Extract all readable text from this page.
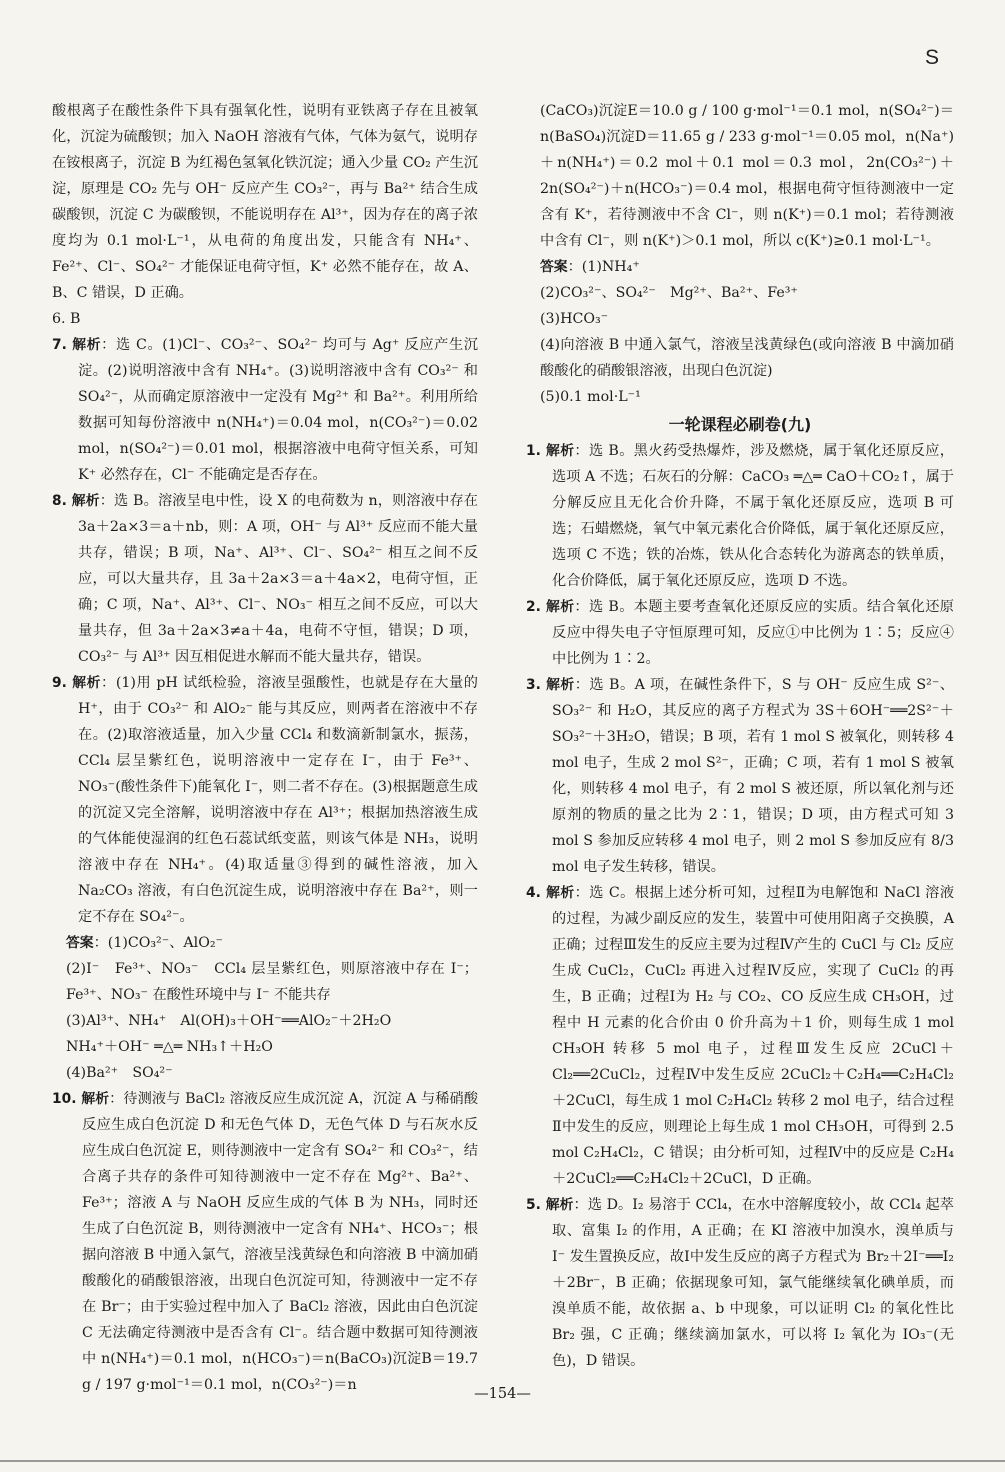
S

酸根离子在酸性条件下具有强氧化性，说明有亚铁离子存在且被氧化，沉淀为硫酸钡；加入 NaOH 溶液有气体，气体为氨气，说明存在铵根离子，沉淀 B 为红褐色氢氧化铁沉淀；通入少量 CO₂ 产生沉淀，原理是 CO₂ 先与 OH⁻ 反应产生 CO₃²⁻，再与 Ba²⁺ 结合生成碳酸钡，沉淀 C 为碳酸钡，不能说明存在 Al³⁺，因为存在的离子浓度均为 0.1 mol·L⁻¹，从电荷的角度出发，只能含有 NH₄⁺、Fe²⁺、Cl⁻、SO₄²⁻ 才能保证电荷守恒，K⁺ 必然不能存在，故 A、B、C 错误，D 正确。

6. B

7. 解析：选 C。(1)Cl⁻、CO₃²⁻、SO₄²⁻ 均可与 Ag⁺ 反应产生沉淀。(2)说明溶液中含有 NH₄⁺。(3)说明溶液中含有 CO₃²⁻ 和 SO₄²⁻，从而确定原溶液中一定没有 Mg²⁺ 和 Ba²⁺。利用所给数据可知每份溶液中 n(NH₄⁺)＝0.04 mol，n(CO₃²⁻)＝0.02 mol，n(SO₄²⁻)＝0.01 mol，根据溶液中电荷守恒关系，可知 K⁺ 必然存在，Cl⁻ 不能确定是否存在。

8. 解析：选 B。溶液呈电中性，设 X 的电荷数为 n，则溶液中存在 3a＋2a×3＝a＋nb，则：A 项，OH⁻ 与 Al³⁺ 反应而不能大量共存，错误；B 项，Na⁺、Al³⁺、Cl⁻、SO₄²⁻ 相互之间不反应，可以大量共存，且 3a＋2a×3＝a＋4a×2，电荷守恒，正确；C 项，Na⁺、Al³⁺、Cl⁻、NO₃⁻ 相互之间不反应，可以大量共存，但 3a＋2a×3≠a＋4a，电荷不守恒，错误；D 项，CO₃²⁻ 与 Al³⁺ 因互相促进水解而不能大量共存，错误。

9. 解析：(1)用 pH 试纸检验，溶液呈强酸性，也就是存在大量的 H⁺，由于 CO₃²⁻ 和 AlO₂⁻ 能与其反应，则两者在溶液中不存在。(2)取溶液适量，加入少量 CCl₄ 和数滴新制氯水，振荡，CCl₄ 层呈紫红色，说明溶液中一定存在 I⁻，由于 Fe³⁺、NO₃⁻(酸性条件下)能氧化 I⁻，则二者不存在。(3)根据题意生成的沉淀又完全溶解，说明溶液中存在 Al³⁺；根据加热溶液生成的气体能使湿润的红色石蕊试纸变蓝，则该气体是 NH₃，说明溶液中存在 NH₄⁺。(4)取适量③得到的碱性溶液，加入 Na₂CO₃ 溶液，有白色沉淀生成，说明溶液中存在 Ba²⁺，则一定不存在 SO₄²⁻。

答案：(1)CO₃²⁻、AlO₂⁻

(2)I⁻　Fe³⁺、NO₃⁻　CCl₄ 层呈紫红色，则原溶液中存在 I⁻；Fe³⁺、NO₃⁻ 在酸性环境中与 I⁻ 不能共存

(3)Al³⁺、NH₄⁺　Al(OH)₃＋OH⁻══AlO₂⁻＋2H₂O

NH₄⁺＋OH⁻ ═△═ NH₃↑＋H₂O

(4)Ba²⁺　SO₄²⁻

10. 解析：待测液与 BaCl₂ 溶液反应生成沉淀 A，沉淀 A 与稀硝酸反应生成白色沉淀 D 和无色气体 D，无色气体 D 与石灰水反应生成白色沉淀 E，则待测液中一定含有 SO₄²⁻ 和 CO₃²⁻，结合离子共存的条件可知待测液中一定不存在 Mg²⁺、Ba²⁺、Fe³⁺；溶液 A 与 NaOH 反应生成的气体 B 为 NH₃，同时还生成了白色沉淀 B，则待测液中一定含有 NH₄⁺、HCO₃⁻；根据向溶液 B 中通入氯气，溶液呈浅黄绿色和向溶液 B 中滴加硝酸酸化的硝酸银溶液，出现白色沉淀可知，待测液中一定不存在 Br⁻；由于实验过程中加入了 BaCl₂ 溶液，因此由白色沉淀 C 无法确定待测液中是否含有 Cl⁻。结合题中数据可知待测液中 n(NH₄⁺)＝0.1 mol，n(HCO₃⁻)＝n(BaCO₃)沉淀B＝19.7 g / 197 g·mol⁻¹＝0.1 mol，n(CO₃²⁻)＝n

(CaCO₃)沉淀E＝10.0 g / 100 g·mol⁻¹＝0.1 mol，n(SO₄²⁻)＝n(BaSO₄)沉淀D＝11.65 g / 233 g·mol⁻¹＝0.05 mol，n(Na⁺)＋n(NH₄⁺)＝0.2 mol＋0.1 mol＝0.3 mol，2n(CO₃²⁻)＋2n(SO₄²⁻)＋n(HCO₃⁻)＝0.4 mol，根据电荷守恒待测液中一定含有 K⁺，若待测液中不含 Cl⁻，则 n(K⁺)＝0.1 mol；若待测液中含有 Cl⁻，则 n(K⁺)＞0.1 mol，所以 c(K⁺)≥0.1 mol·L⁻¹。

答案：(1)NH₄⁺

(2)CO₃²⁻、SO₄²⁻　Mg²⁺、Ba²⁺、Fe³⁺

(3)HCO₃⁻

(4)向溶液 B 中通入氯气，溶液呈浅黄绿色(或向溶液 B 中滴加硝酸酸化的硝酸银溶液，出现白色沉淀)

(5)0.1 mol·L⁻¹

一轮课程必刷卷(九)

1. 解析：选 B。黑火药受热爆炸，涉及燃烧，属于氧化还原反应，选项 A 不选；石灰石的分解：CaCO₃ ═△═ CaO＋CO₂↑，属于分解反应且无化合价升降，不属于氧化还原反应，选项 B 可选；石蜡燃烧，氧气中氧元素化合价降低，属于氧化还原反应，选项 C 不选；铁的冶炼，铁从化合态转化为游离态的铁单质，化合价降低，属于氧化还原反应，选项 D 不选。

2. 解析：选 B。本题主要考查氧化还原反应的实质。结合氧化还原反应中得失电子守恒原理可知，反应①中比例为 1∶5；反应④中比例为 1∶2。

3. 解析：选 B。A 项，在碱性条件下，S 与 OH⁻ 反应生成 S²⁻、SO₃²⁻ 和 H₂O，其反应的离子方程式为 3S＋6OH⁻══2S²⁻＋SO₃²⁻＋3H₂O，错误；B 项，若有 1 mol S 被氧化，则转移 4 mol 电子，生成 2 mol S²⁻，正确；C 项，若有 1 mol S 被氧化，则转移 4 mol 电子，有 2 mol S 被还原，所以氧化剂与还原剂的物质的量之比为 2∶1，错误；D 项，由方程式可知 3 mol S 参加反应转移 4 mol 电子，则 2 mol S 参加反应有 8/3 mol 电子发生转移，错误。

4. 解析：选 C。根据上述分析可知，过程Ⅱ为电解饱和 NaCl 溶液的过程，为减少副反应的发生，装置中可使用阳离子交换膜，A 正确；过程Ⅲ发生的反应主要为过程Ⅳ产生的 CuCl 与 Cl₂ 反应生成 CuCl₂，CuCl₂ 再进入过程Ⅳ反应，实现了 CuCl₂ 的再生，B 正确；过程Ⅰ为 H₂ 与 CO₂、CO 反应生成 CH₃OH，过程中 H 元素的化合价由 0 价升高为＋1 价，则每生成 1 mol CH₃OH 转移 5 mol 电子，过程Ⅲ发生反应 2CuCl＋Cl₂══2CuCl₂，过程Ⅳ中发生反应 2CuCl₂＋C₂H₄══C₂H₄Cl₂＋2CuCl，每生成 1 mol C₂H₄Cl₂ 转移 2 mol 电子，结合过程Ⅱ中发生的反应，则理论上每生成 1 mol CH₃OH，可得到 2.5 mol C₂H₄Cl₂，C 错误；由分析可知，过程Ⅳ中的反应是 C₂H₄＋2CuCl₂══C₂H₄Cl₂＋2CuCl，D 正确。

5. 解析：选 D。I₂ 易溶于 CCl₄，在水中溶解度较小，故 CCl₄ 起萃取、富集 I₂ 的作用，A 正确；在 KI 溶液中加溴水，溴单质与 I⁻ 发生置换反应，故Ⅰ中发生反应的离子方程式为 Br₂＋2I⁻══I₂＋2Br⁻，B 正确；依据现象可知，氯气能继续氧化碘单质，而溴单质不能，故依据 a、b 中现象，可以证明 Cl₂ 的氧化性比 Br₂ 强，C 正确；继续滴加氯水，可以将 I₂ 氧化为 IO₃⁻(无色)，D 错误。

—154—
